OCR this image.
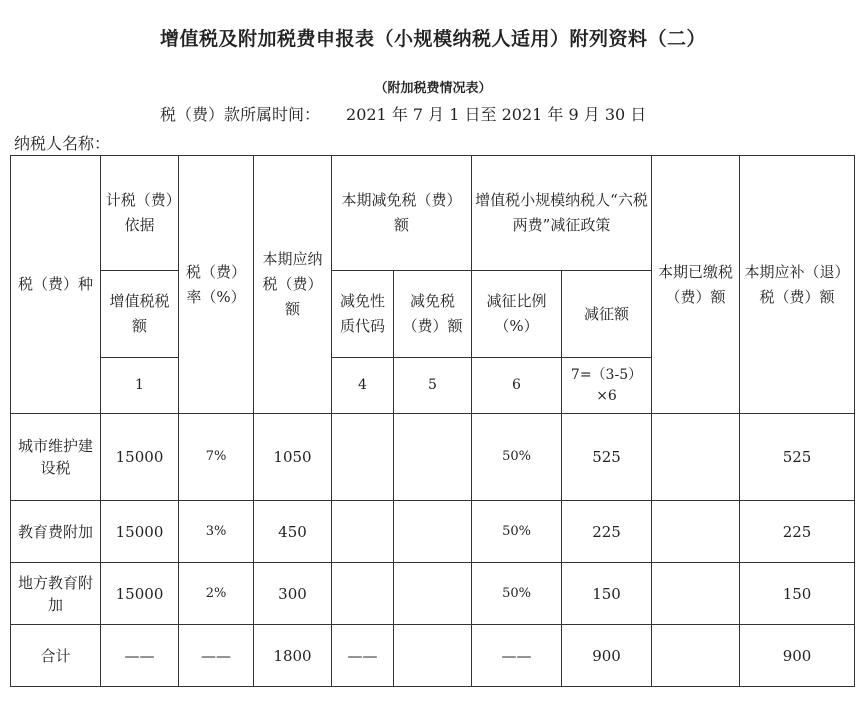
增值税及附加税费申报表（小规模纳税人适用）附列资料（二）
（附加税费情况表）
税（费）款所属时间： 2021 年 7 月 1 日至 2021 年 9 月 30 日
纳税人名称：
税（费）种	计税（费）依据	税（费）率（%）	本期应纳税（费）额	本期减免税（费）额		增值税小规模纳税人“六税两费”减征政策		本期已缴税（费）额	本期应补（退）税（费）额
	增值税税额			减免性质代码	减免税（费）额	减征比例（%）	减征额		
	1			4	5	6	7=（3-5）×6		
城市维护建设税	15000	7%	1050			50%	525		525
教育费附加	15000	3%	450			50%	225		225
地方教育附加	15000	2%	300			50%	150		150
合计	——	——	1800	——		——	900		900
